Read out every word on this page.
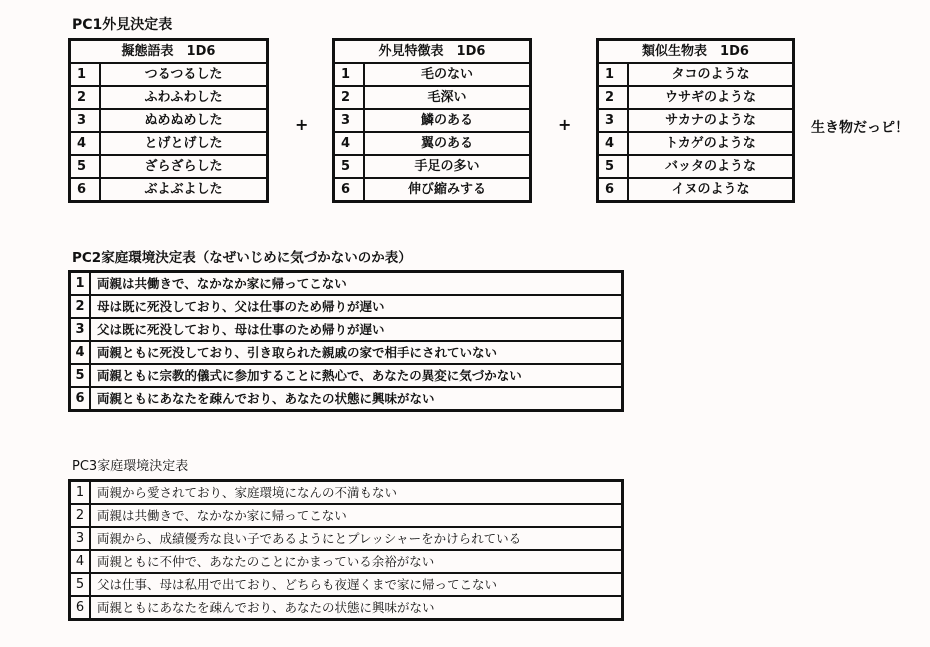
PC1外見決定表
擬態語表　1D6	
1	つるつるした
2	ふわふわした
3	ぬめぬめした
4	とげとげした
5	ざらざらした
6	ぶよぶよした
+
外見特徴表　1D6	
1	毛のない
2	毛深い
3	鱗のある
4	翼のある
5	手足の多い
6	伸び縮みする
+
類似生物表　1D6	
1	タコのような
2	ウサギのような
3	サカナのような
4	トカゲのような
5	バッタのような
6	イヌのような
生き物だっピ！
PC2家庭環境決定表（なぜいじめに気づかないのか表）
1	両親は共働きで、なかなか家に帰ってこない
2	母は既に死没しており、父は仕事のため帰りが遅い
3	父は既に死没しており、母は仕事のため帰りが遅い
4	両親ともに死没しており、引き取られた親戚の家で相手にされていない
5	両親ともに宗教的儀式に参加することに熱心で、あなたの異変に気づかない
6	両親ともにあなたを疎んでおり、あなたの状態に興味がない
PC3家庭環境決定表
1	両親から愛されており、家庭環境になんの不満もない
2	両親は共働きで、なかなか家に帰ってこない
3	両親から、成績優秀な良い子であるようにとプレッシャーをかけられている
4	両親ともに不仲で、あなたのことにかまっている余裕がない
5	父は仕事、母は私用で出ており、どちらも夜遅くまで家に帰ってこない
6	両親ともにあなたを疎んでおり、あなたの状態に興味がない
